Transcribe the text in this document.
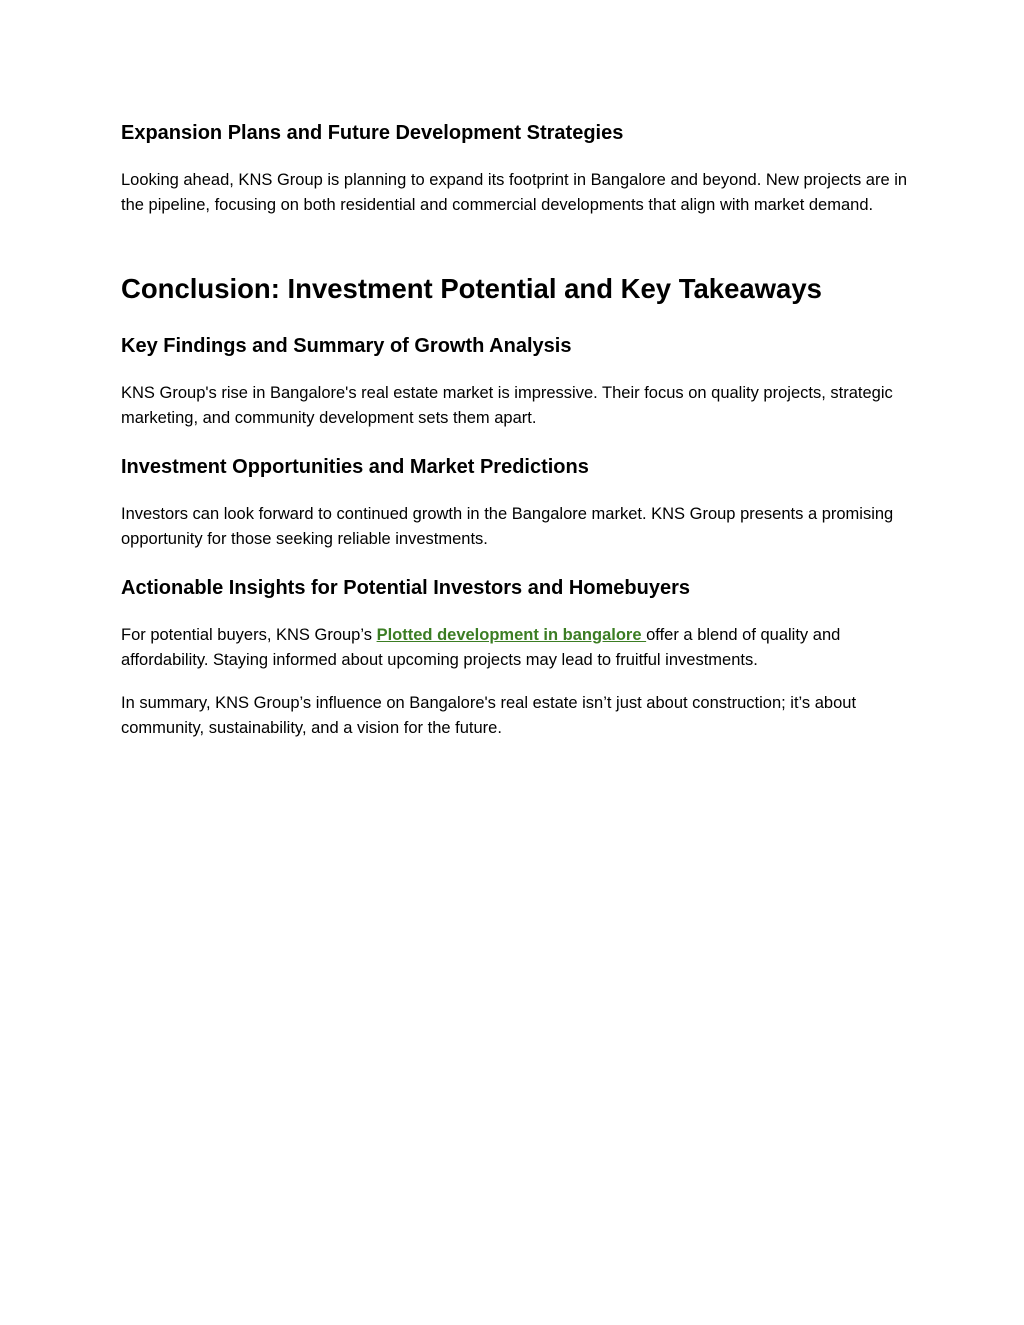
Expansion Plans and Future Development Strategies

Looking ahead, KNS Group is planning to expand its footprint in Bangalore and beyond. New projects are in the pipeline, focusing on both residential and commercial developments that align with market demand.

Conclusion: Investment Potential and Key Takeaways
Key Findings and Summary of Growth Analysis

KNS Group's rise in Bangalore's real estate market is impressive. Their focus on quality projects, strategic marketing, and community development sets them apart.

Investment Opportunities and Market Predictions

Investors can look forward to continued growth in the Bangalore market. KNS Group presents a promising opportunity for those seeking reliable investments.

Actionable Insights for Potential Investors and Homebuyers

For potential buyers, KNS Group’s Plotted development in bangalore offer a blend of quality and affordability. Staying informed about upcoming projects may lead to fruitful investments.

In summary, KNS Group’s influence on Bangalore's real estate isn’t just about construction; it’s about community, sustainability, and a vision for the future.
